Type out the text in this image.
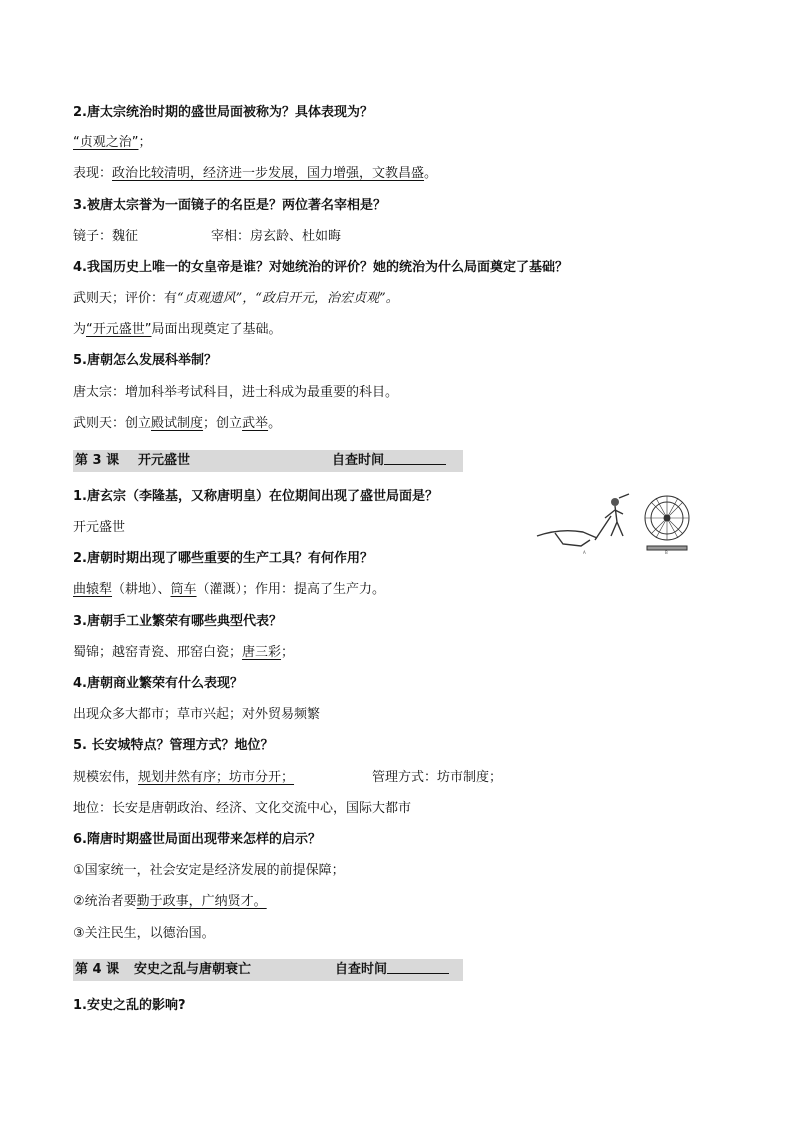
2.唐太宗统治时期的盛世局面被称为？具体表现为？
“贞观之治”；
表现：政治比较清明，经济进一步发展，国力增强，文教昌盛。
3.被唐太宗誉为一面镜子的名臣是？两位著名宰相是？
镜子：魏征	宰相：房玄龄、杜如晦
4.我国历史上唯一的女皇帝是谁？对她统治的评价？她的统治为什么局面奠定了基础？
武则天；评价：有“贞观遗风”，“政启开元，治宏贞观”。
为“开元盛世”局面出现奠定了基础。
5.唐朝怎么发展科举制？
唐太宗：增加科举考试科目，进士科成为最重要的科目。
武则天：创立殿试制度；创立武举。
第 3 课 开元盛世	自查时间
1.唐玄宗（李隆基，又称唐明皇）在位期间出现了盛世局面是？
开元盛世
A	B
2.唐朝时期出现了哪些重要的生产工具？有何作用？
曲辕犁（耕地）、筒车（灌溉）；作用：提高了生产力。
3.唐朝手工业繁荣有哪些典型代表？
蜀锦；越窑青瓷、邢窑白瓷；唐三彩；
4.唐朝商业繁荣有什么表现？
出现众多大都市；草市兴起；对外贸易频繁
5. 长安城特点？管理方式？地位？
规模宏伟，规划井然有序；坊市分开；	管理方式：坊市制度；
地位：长安是唐朝政治、经济、文化交流中心，国际大都市
6.隋唐时期盛世局面出现带来怎样的启示？
①国家统一，社会安定是经济发展的前提保障；
②统治者要勤于政事，广纳贤才。
③关注民生，以德治国。
第 4 课 安史之乱与唐朝衰亡	自查时间
1.安史之乱的影响?
